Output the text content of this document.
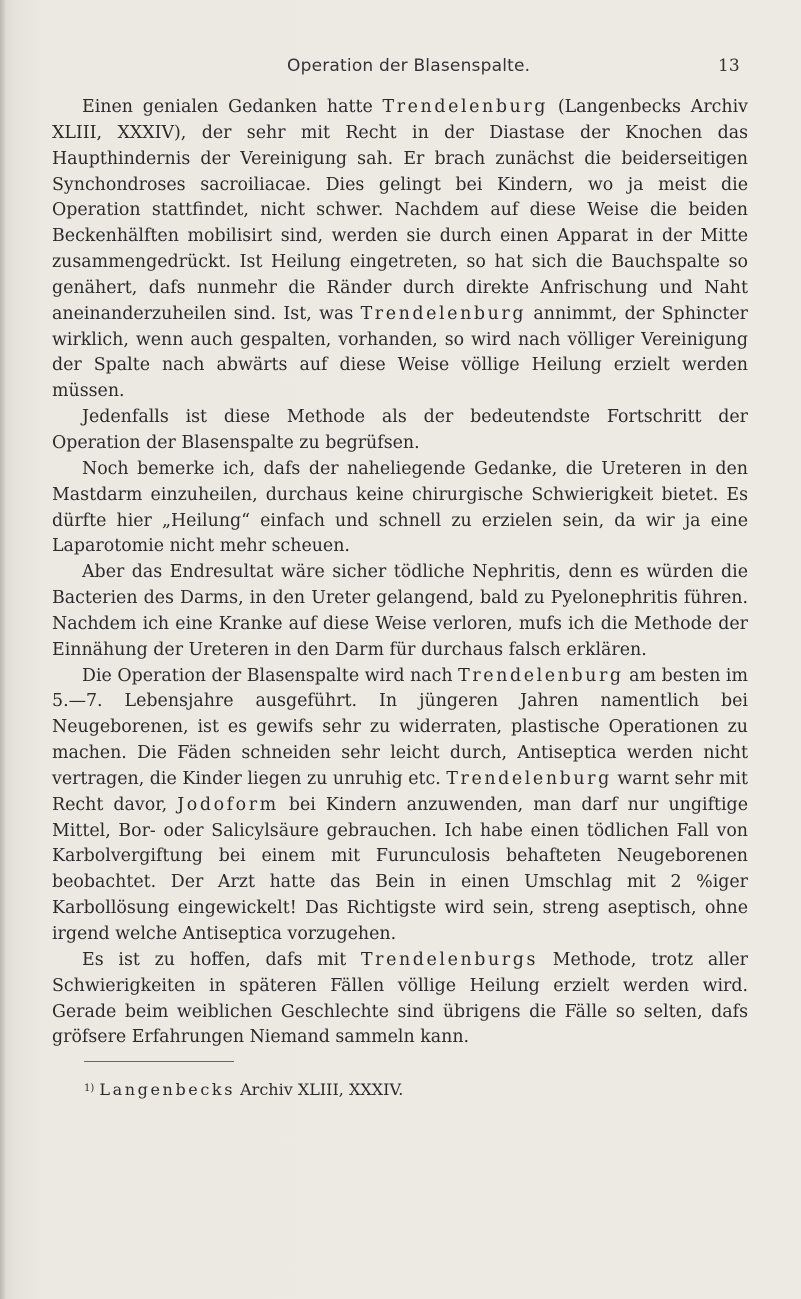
Operation der Blasenspalte.	13

Einen genialen Gedanken hatte Trendelenburg (Langenbecks Archiv XLIII, XXXIV), der sehr mit Recht in der Diastase der Knochen das Haupthindernis der Vereinigung sah. Er brach zunächst die beiderseitigen Synchondroses sacroiliacae. Dies gelingt bei Kindern, wo ja meist die Operation stattfindet, nicht schwer. Nachdem auf diese Weise die beiden Beckenhälften mobilisirt sind, werden sie durch einen Apparat in der Mitte zusammengedrückt. Ist Heilung eingetreten, so hat sich die Bauchspalte so genähert, dafs nunmehr die Ränder durch direkte Anfrischung und Naht aneinanderzuheilen sind. Ist, was Trendelenburg annimmt, der Sphincter wirklich, wenn auch gespalten, vorhanden, so wird nach völliger Vereinigung der Spalte nach abwärts auf diese Weise völlige Heilung erzielt werden müssen.

Jedenfalls ist diese Methode als der bedeutendste Fortschritt der Operation der Blasenspalte zu begrüfsen.

Noch bemerke ich, dafs der naheliegende Gedanke, die Ureteren in den Mastdarm einzuheilen, durchaus keine chirurgische Schwierigkeit bietet. Es dürfte hier „Heilung“ einfach und schnell zu erzielen sein, da wir ja eine Laparotomie nicht mehr scheuen.

Aber das Endresultat wäre sicher tödliche Nephritis, denn es würden die Bacterien des Darms, in den Ureter gelangend, bald zu Pyelonephritis führen. Nachdem ich eine Kranke auf diese Weise verloren, mufs ich die Methode der Einnähung der Ureteren in den Darm für durchaus falsch erklären.

Die Operation der Blasenspalte wird nach Trendelenburg am besten im 5.—7. Lebensjahre ausgeführt. In jüngeren Jahren namentlich bei Neugeborenen, ist es gewifs sehr zu widerraten, plastische Operationen zu machen. Die Fäden schneiden sehr leicht durch, Antiseptica werden nicht vertragen, die Kinder liegen zu unruhig etc. Trendelenburg warnt sehr mit Recht davor, Jodoform bei Kindern anzuwenden, man darf nur ungiftige Mittel, Bor- oder Salicylsäure gebrauchen. Ich habe einen tödlichen Fall von Karbolvergiftung bei einem mit Furunculosis behafteten Neugeborenen beobachtet. Der Arzt hatte das Bein in einen Umschlag mit 2 %iger Karbollösung eingewickelt! Das Richtigste wird sein, streng aseptisch, ohne irgend welche Antiseptica vorzugehen.

Es ist zu hoffen, dafs mit Trendelenburgs Methode, trotz aller Schwierigkeiten in späteren Fällen völlige Heilung erzielt werden wird. Gerade beim weiblichen Geschlechte sind übrigens die Fälle so selten, dafs gröfsere Erfahrungen Niemand sammeln kann.

$^{1)}$ Langenbecks Archiv XLIII, XXXIV.
